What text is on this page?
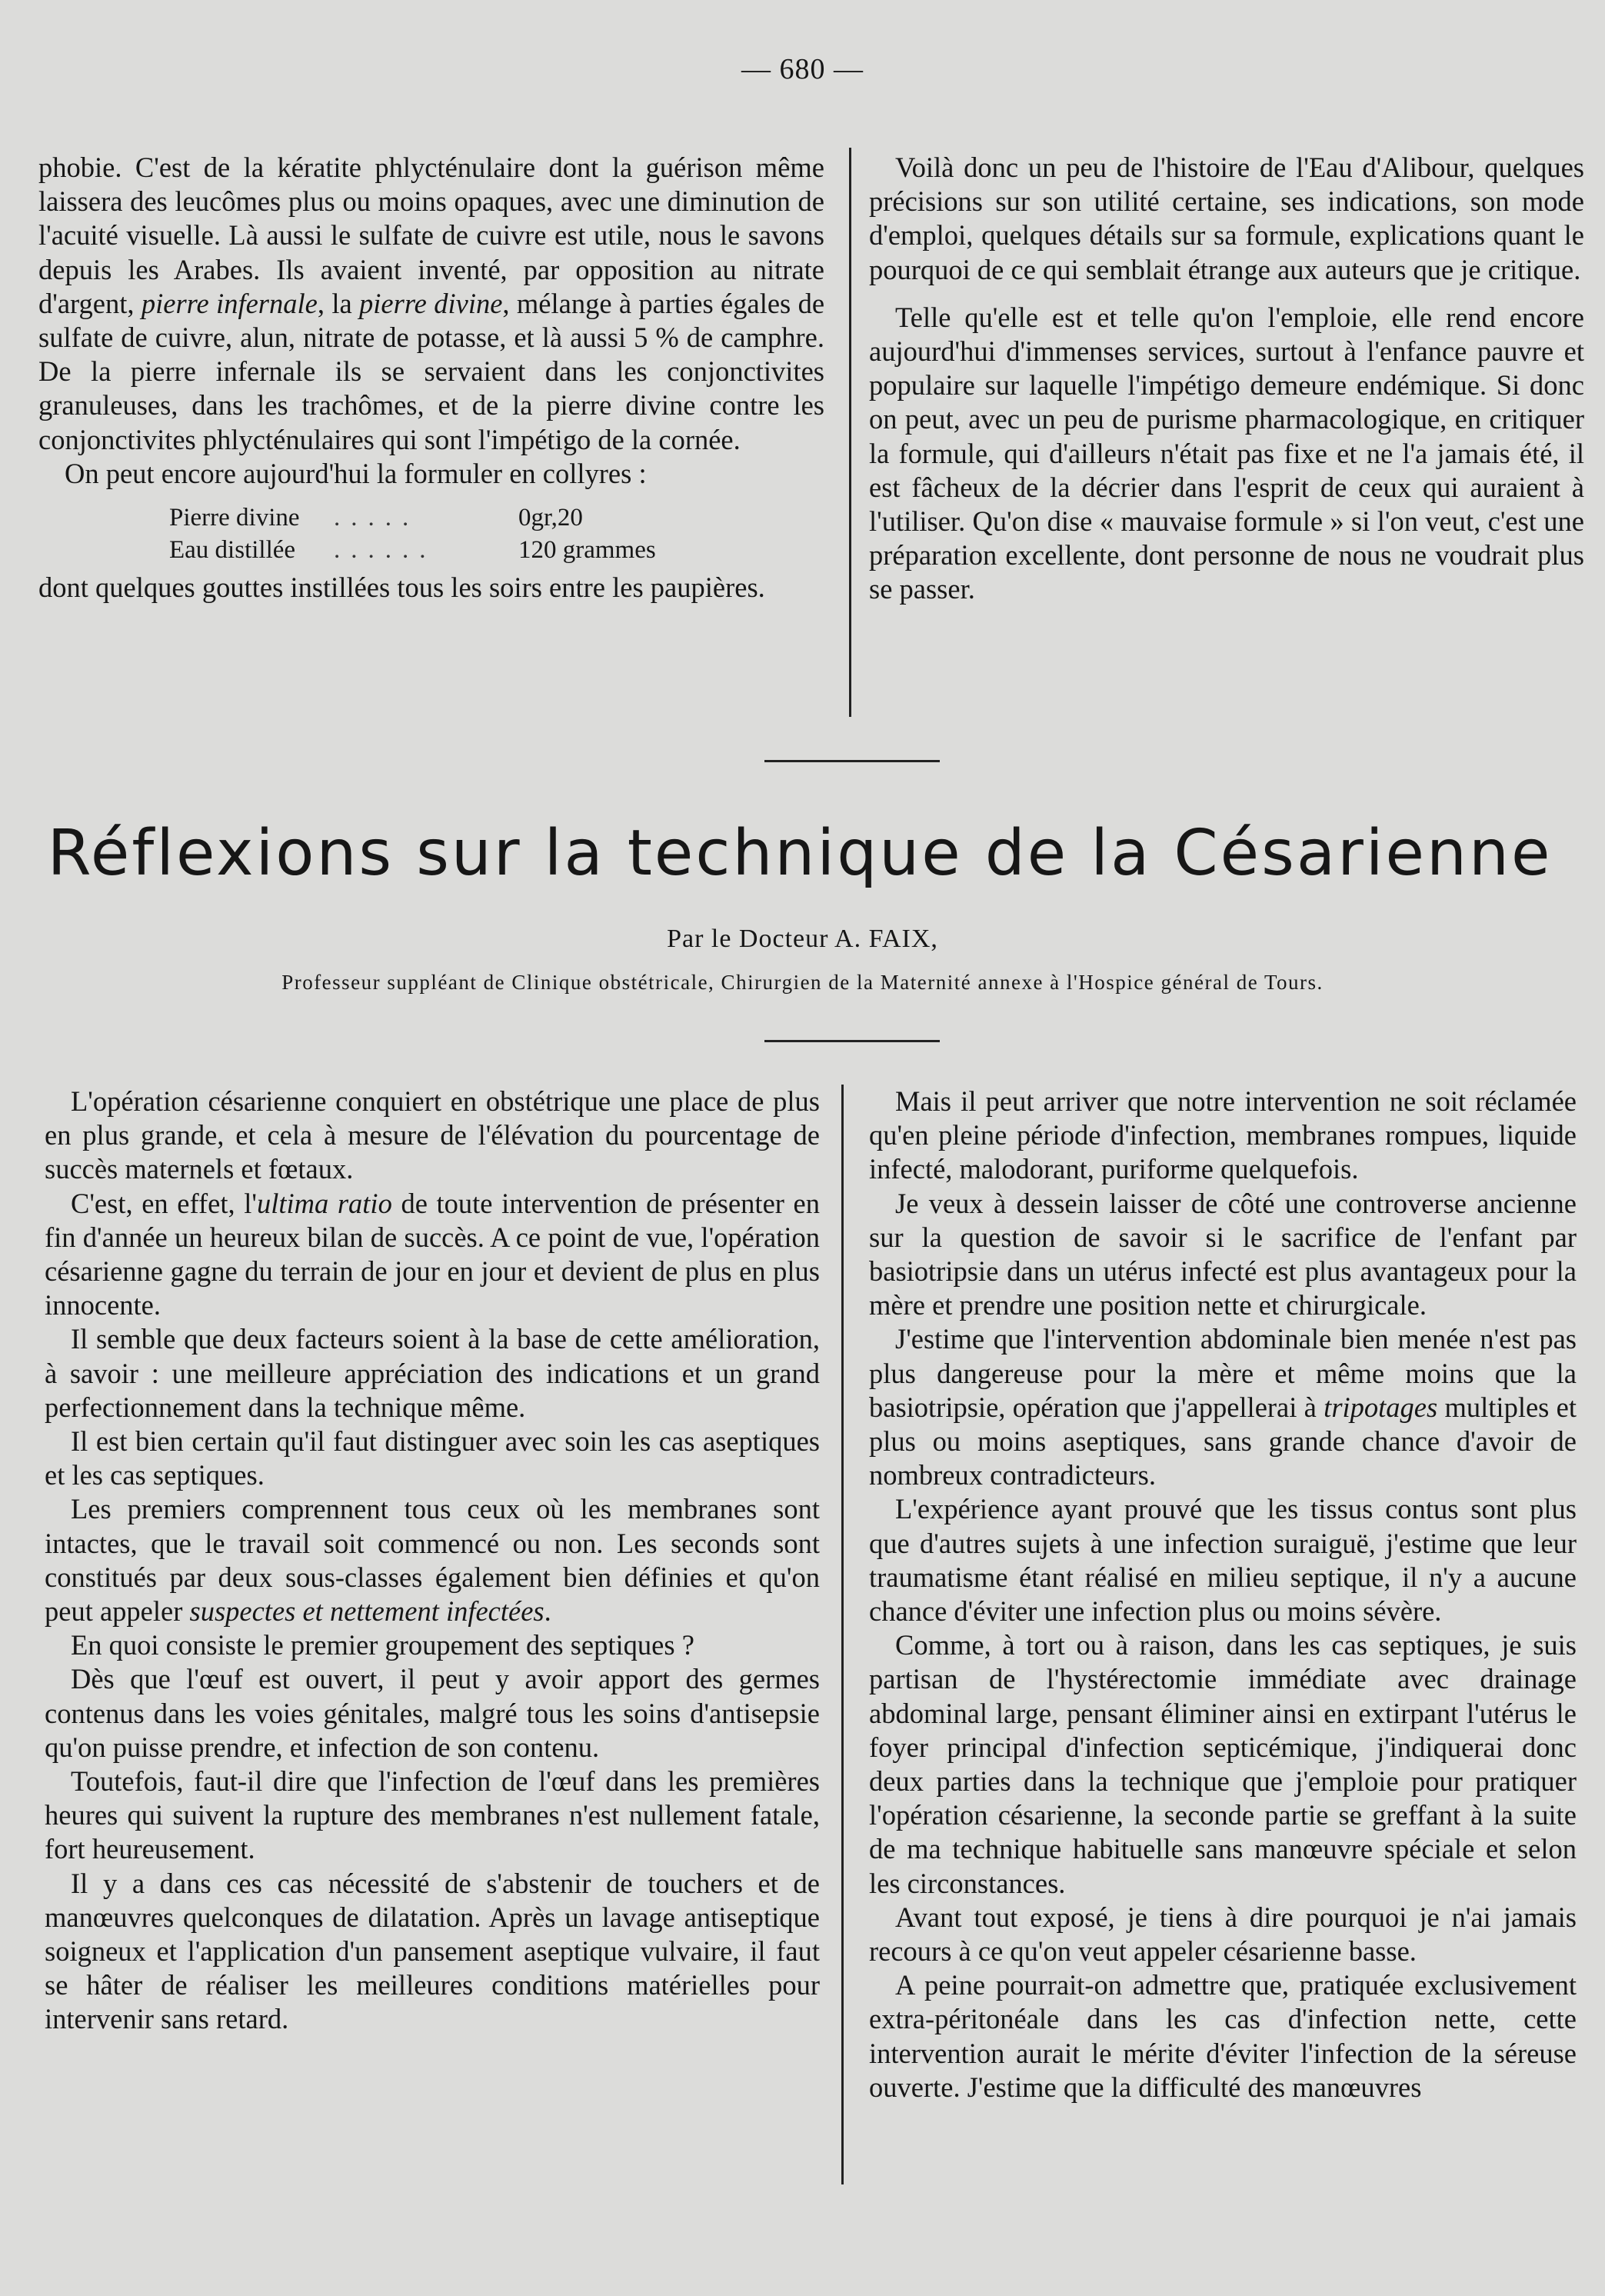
— 680 —

phobie. C'est de la kératite phlycténulaire dont la guérison même laissera des leucômes plus ou moins opaques, avec une diminution de l'acuité visuelle. Là aussi le sulfate de cuivre est utile, nous le savons depuis les Arabes. Ils avaient inventé, par opposition au nitrate d'argent, pierre infernale, la pierre divine, mélange à parties égales de sulfate de cuivre, alun, nitrate de potasse, et là aussi 5 % de camphre. De la pierre infernale ils se servaient dans les conjonctivites granuleuses, dans les trachômes, et de la pierre divine contre les conjonctivites phlycténulaires qui sont l'impétigo de la cornée.

On peut encore aujourd'hui la formuler en collyres :

Pierre divine	.....	0gr,20
Eau distillée	......	120 grammes

dont quelques gouttes instillées tous les soirs entre les paupières.

Voilà donc un peu de l'histoire de l'Eau d'Alibour, quelques précisions sur son utilité certaine, ses indications, son mode d'emploi, quelques détails sur sa formule, explications quant le pourquoi de ce qui semblait étrange aux auteurs que je critique.

Telle qu'elle est et telle qu'on l'emploie, elle rend encore aujourd'hui d'immenses services, surtout à l'enfance pauvre et populaire sur laquelle l'impétigo demeure endémique. Si donc on peut, avec un peu de purisme pharmacologique, en critiquer la formule, qui d'ailleurs n'était pas fixe et ne l'a jamais été, il est fâcheux de la décrier dans l'esprit de ceux qui auraient à l'utiliser. Qu'on dise « mauvaise formule » si l'on veut, c'est une préparation excellente, dont personne de nous ne voudrait plus se passer.

Réflexions sur la technique de la Césarienne
Par le Docteur A. FAIX,
Professeur suppléant de Clinique obstétricale, Chirurgien de la Maternité annexe à l'Hospice général de Tours.

L'opération césarienne conquiert en obstétrique une place de plus en plus grande, et cela à mesure de l'élévation du pourcentage de succès maternels et fœtaux.

C'est, en effet, l'ultima ratio de toute intervention de présenter en fin d'année un heureux bilan de succès. A ce point de vue, l'opération césarienne gagne du terrain de jour en jour et devient de plus en plus innocente.

Il semble que deux facteurs soient à la base de cette amélioration, à savoir : une meilleure appréciation des indications et un grand perfectionnement dans la technique même.

Il est bien certain qu'il faut distinguer avec soin les cas aseptiques et les cas septiques.

Les premiers comprennent tous ceux où les membranes sont intactes, que le travail soit commencé ou non. Les seconds sont constitués par deux sous-classes également bien définies et qu'on peut appeler suspectes et nettement infectées.

En quoi consiste le premier groupement des septiques ?

Dès que l'œuf est ouvert, il peut y avoir apport des germes contenus dans les voies génitales, malgré tous les soins d'antisepsie qu'on puisse prendre, et infection de son contenu.

Toutefois, faut-il dire que l'infection de l'œuf dans les premières heures qui suivent la rupture des membranes n'est nullement fatale, fort heureusement.

Il y a dans ces cas nécessité de s'abstenir de touchers et de manœuvres quelconques de dilatation. Après un lavage antiseptique soigneux et l'application d'un pansement aseptique vulvaire, il faut se hâter de réaliser les meilleures conditions matérielles pour intervenir sans retard.

Mais il peut arriver que notre intervention ne soit réclamée qu'en pleine période d'infection, membranes rompues, liquide infecté, malodorant, puriforme quelquefois.

Je veux à dessein laisser de côté une controverse ancienne sur la question de savoir si le sacrifice de l'enfant par basiotripsie dans un utérus infecté est plus avantageux pour la mère et prendre une position nette et chirurgicale.

J'estime que l'intervention abdominale bien menée n'est pas plus dangereuse pour la mère et même moins que la basiotripsie, opération que j'appellerai à tripotages multiples et plus ou moins aseptiques, sans grande chance d'avoir de nombreux contradicteurs.

L'expérience ayant prouvé que les tissus contus sont plus que d'autres sujets à une infection suraiguë, j'estime que leur traumatisme étant réalisé en milieu septique, il n'y a aucune chance d'éviter une infection plus ou moins sévère.

Comme, à tort ou à raison, dans les cas septiques, je suis partisan de l'hystérectomie immédiate avec drainage abdominal large, pensant éliminer ainsi en extirpant l'utérus le foyer principal d'infection septicémique, j'indiquerai donc deux parties dans la technique que j'emploie pour pratiquer l'opération césarienne, la seconde partie se greffant à la suite de ma technique habituelle sans manœuvre spéciale et selon les circonstances.

Avant tout exposé, je tiens à dire pourquoi je n'ai jamais recours à ce qu'on veut appeler césarienne basse.

A peine pourrait-on admettre que, pratiquée exclusivement extra-péritonéale dans les cas d'infection nette, cette intervention aurait le mérite d'éviter l'infection de la séreuse ouverte. J'estime que la difficulté des manœuvres
